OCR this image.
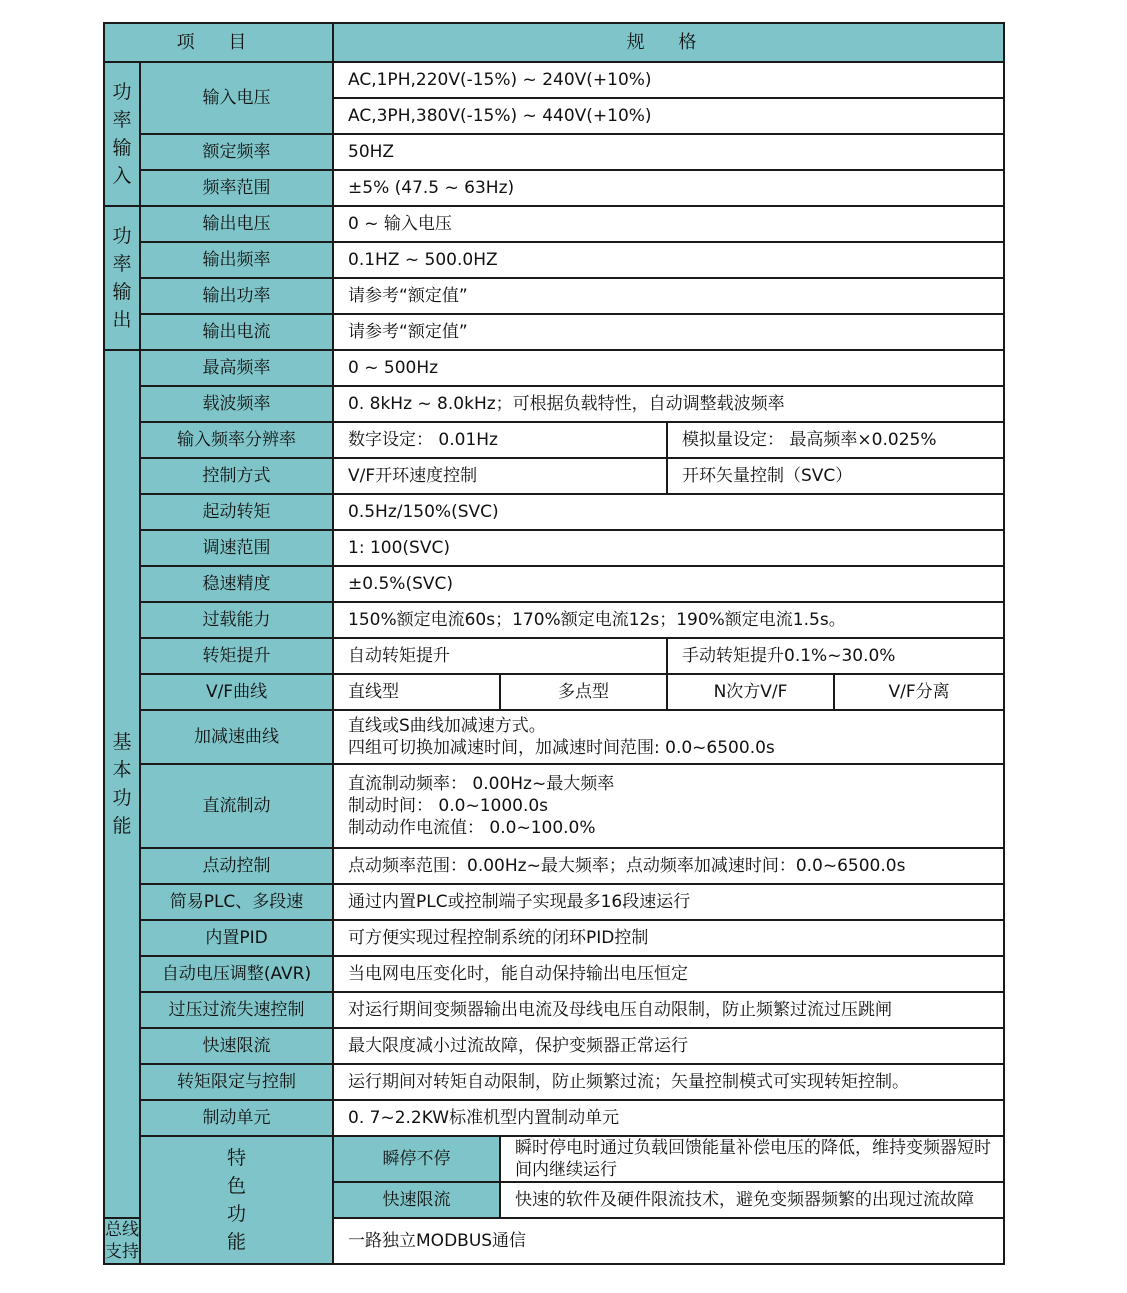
项 目		规 格			

功率输入	输入电压	AC,1PH,220V(-15%) ~ 240V(+10%)			
		AC,3PH,380V(-15%) ~ 440V(+10%)			
	额定频率	50HZ			
	频率范围	±5% (47.5 ~ 63Hz)			

功率输出	输出电压	0 ~ 输入电压			
	输出频率	0.1HZ ~ 500.0HZ			
	输出功率	请参考“额定值”			
	输出电流	请参考“额定值”			

基本功能	最高频率	0 ~ 500Hz			
	载波频率	0. 8kHz ~ 8.0kHz；可根据负载特性，自动调整载波频率			
	输入频率分辨率	数字设定： 0.01Hz		模拟量设定： 最高频率×0.025%	
	控制方式	V/F开环速度控制		开环矢量控制（SVC）	
	起动转矩	0.5Hz/150%(SVC)			
	调速范围	1: 100(SVC)			
	稳速精度	±0.5%(SVC)			
	过载能力	150%额定电流60s；170%额定电流12s；190%额定电流1.5s。			
	转矩提升	自动转矩提升		手动转矩提升0.1%~30.0%	
	V/F曲线	直线型	多点型	N次方V/F	V/F分离
	加减速曲线	直线或S曲线加减速方式。
四组可切换加减速时间，加减速时间范围: 0.0~6500.0s			

	直流制动	直流制动频率： 0.00Hz~最大频率
制动时间： 0.0~1000.0s
制动动作电流值： 0.0~100.0%			

	点动控制	点动频率范围：0.00Hz~最大频率；点动频率加减速时间：0.0~6500.0s			
	简易PLC、多段速	通过内置PLC或控制端子实现最多16段速运行			
	内置PID	可方便实现过程控制系统的闭环PID控制			
	自动电压调整(AVR)	当电网电压变化时，能自动保持输出电压恒定			
	过压过流失速控制	对运行期间变频器输出电流及母线电压自动限制，防止频繁过流过压跳闸			
	快速限流	最大限度减小过流故障，保护变频器正常运行			
	转矩限定与控制	运行期间对转矩自动限制，防止频繁过流；矢量控制模式可实现转矩控制。			
	制动单元	0. 7~2.2KW标准机型内置制动单元			

	特色功能	瞬停不停	瞬时停电时通过负载回馈能量补偿电压的降低，维持变频器短时间内继续运行		
		快速限流	快速的软件及硬件限流技术，避免变频器频繁的出现过流故障		
总线支持		一路独立MODBUS通信			
